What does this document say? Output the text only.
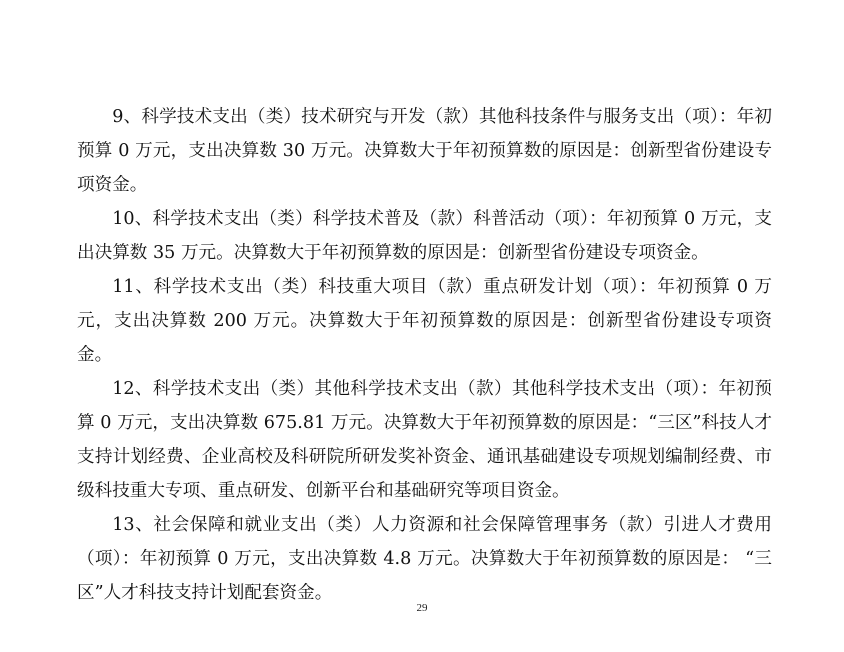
9、科学技术支出（类）技术研究与开发（款）其他科技条件与服务支出（项）：年初预算 0 万元，支出决算数 30 万元。决算数大于年初预算数的原因是：创新型省份建设专项资金。

10、科学技术支出（类）科学技术普及（款）科普活动（项）：年初预算 0 万元，支出决算数 35 万元。决算数大于年初预算数的原因是：创新型省份建设专项资金。

11、科学技术支出（类）科技重大项目（款）重点研发计划（项）：年初预算 0 万元，支出决算数 200 万元。决算数大于年初预算数的原因是：创新型省份建设专项资金。

12、科学技术支出（类）其他科学技术支出（款）其他科学技术支出（项）：年初预算 0 万元，支出决算数 675.81 万元。决算数大于年初预算数的原因是：“三区”科技人才支持计划经费、企业高校及科研院所研发奖补资金、通讯基础建设专项规划编制经费、市级科技重大专项、重点研发、创新平台和基础研究等项目资金。

13、社会保障和就业支出（类）人力资源和社会保障管理事务（款）引进人才费用（项）：年初预算 0 万元，支出决算数 4.8 万元。决算数大于年初预算数的原因是： “三区”人才科技支持计划配套资金。

29
